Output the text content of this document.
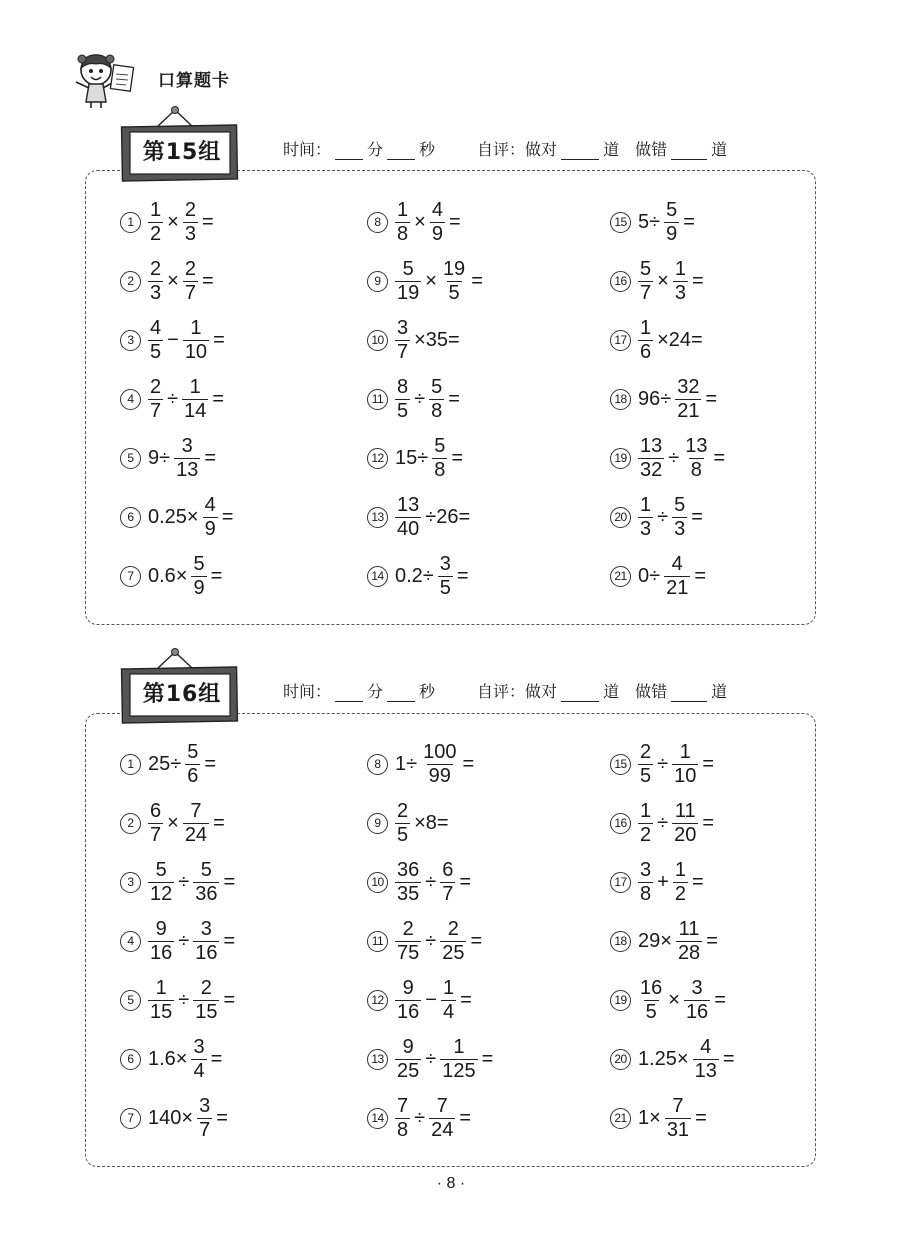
口算题卡
第15组	时间： 分 秒	自评：做对	道 做错	道
$1 \frac{1}{2} \times \frac{2}{3}$ =
$2 \frac{2}{3} \times \frac{2}{7}$ =
$3 \frac{4}{5} - \frac{1}{10}$ =
$4 \frac{2}{7} \div \frac{1}{14}$ =
5 $9\div \frac{3}{13}$ =
6 $0.25\times \frac{4}{9}$ =
7 $0.6\times \frac{5}{9}$ =
$8 \frac{1}{8} \times \frac{4}{9}$ =
$9 \frac{5}{19} \times \frac{19}{5}$ =
$10 \frac{3}{7} \times 35=$
$11 \frac{8}{5} \div \frac{5}{8}$ =
12 $15\div \frac{5}{8}$ =
$13 \frac{13}{40} \div 26=$
14 $0.2\div \frac{3}{5}$ =
15 $5\div \frac{5}{9}$ =
$16 \frac{5}{7} \times \frac{1}{3}$ =
$17 \frac{1}{6} \times 24=$
18 $96\div \frac{32}{21}$ =
$19 \frac{13}{32} \div \frac{13}{8}$ =
$20 \frac{1}{3} \div \frac{5}{3}$ =
21 $0\div \frac{4}{21}$ =
第16组	时间： 分 秒	自评：做对	道 做错	道
1 $25\div \frac{5}{6}$ =
$2 \frac{6}{7} \times \frac{7}{24}$ =
$3 \frac{5}{12} \div \frac{5}{36}$ =
$4 \frac{9}{16} \div \frac{3}{16}$ =
$5 \frac{1}{15} \div \frac{2}{15}$ =
6 $1.6\times \frac{3}{4}$ =
7 $140\times \frac{3}{7}$ =
8 $1\div \frac{100}{99}$ =
$9 \frac{2}{5} \times 8=$
$10 \frac{36}{35} \div \frac{6}{7}$ =
$11 \frac{2}{75} \div \frac{2}{25}$ =
$12 \frac{9}{16} - \frac{1}{4}$ =
$13 \frac{9}{25} \div \frac{1}{125}$ =
$14 \frac{7}{8} \div \frac{7}{24}$ =
$15 \frac{2}{5} \div \frac{1}{10}$ =
$16 \frac{1}{2} \div \frac{11}{20}$ =
$17 \frac{3}{8} + \frac{1}{2}$ =
18 $29\times \frac{11}{28}$ =
$19 \frac{16}{5} \times \frac{3}{16}$ =
20 $1.25\times \frac{4}{13}$ =
21 $1\times \frac{7}{31}$ =
· 8 ·
